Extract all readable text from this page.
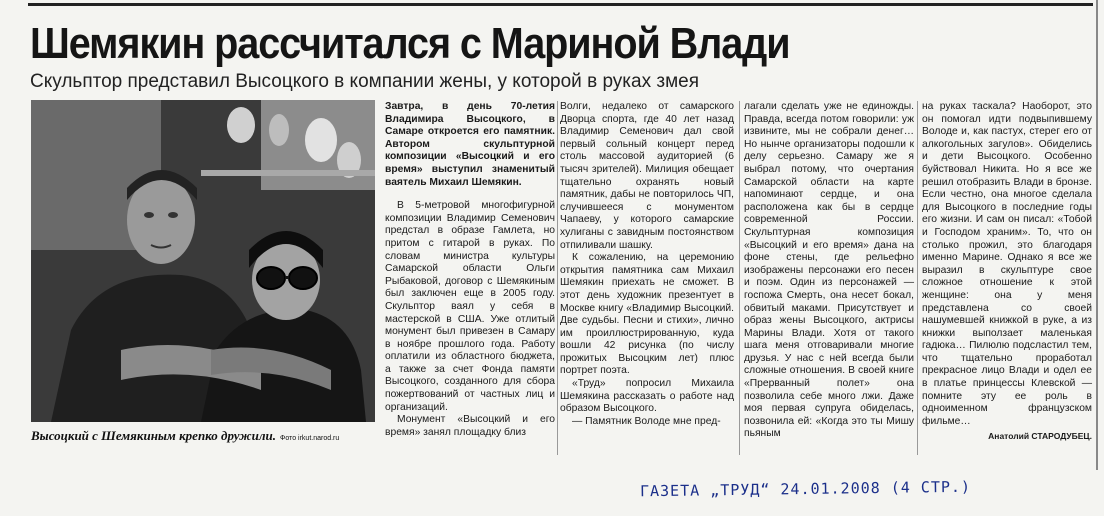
Шемякин рассчитался с Мариной Влади
Скульптор представил Высоцкого в компании жены, у которой в руках змея
Высоцкий с Шемякиным крепко дружили. Фото irkut.narod.ru

Завтра, в день 70-летия Владимира Высоцкого, в Самаре откроется его памятник. Автором скульптурной композиции «Высоцкий и его время» выступил знаменитый ваятель Михаил Шемякин.

В 5-метровой многофигурной композиции Владимир Семенович предстал в образе Гамлета, но притом с гитарой в руках. По словам министра культуры Самарской области Ольги Рыбаковой, договор с Шемякиным был заключен еще в 2005 году. Скульптор ваял у себя в мастерской в США. Уже отлитый монумент был привезен в Самару в ноябре прошлого года. Работу оплатили из областного бюджета, а также за счет Фонда памяти Высоцкого, созданного для сбора пожертвований от частных лиц и организаций.

Монумент «Высоцкий и его время» занял площадку близ

Волги, недалеко от самарского Дворца спорта, где 40 лет назад Владимир Семенович дал свой первый сольный концерт перед столь массовой аудиторией (6 тысяч зрителей). Милиция обещает тщательно охранять новый памятник, дабы не повторилось ЧП, случившееся с монументом Чапаеву, у которого самарские хулиганы с завидным постоянством отпиливали шашку.

К сожалению, на церемонию открытия памятника сам Михаил Шемякин приехать не сможет. В этот день художник презентует в Москве книгу «Владимир Высоцкий. Две судьбы. Песни и стихи», лично им проиллюстрированную, куда вошли 42 рисунка (по числу прожитых Высоцким лет) плюс портрет поэта.

«Труд» попросил Михаила Шемякина рассказать о работе над образом Высоцкого.

— Памятник Володе мне пред-

лагали сделать уже не единожды. Правда, всегда потом говорили: уж извините, мы не собрали денег… Но нынче организаторы подошли к делу серьезно. Самару же я выбрал потому, что очертания Самарской области на карте напоминают сердце, и она расположена как бы в сердце современной России. Скульптурная композиция «Высоцкий и его время» дана на фоне стены, где рельефно изображены персонажи его песен и поэм. Один из персонажей — госпожа Смерть, она несет бокал, обвитый маками. Присутствует и образ жены Высоцкого, актрисы Марины Влади. Хотя от такого шага меня отговаривали многие друзья. У нас с ней всегда были сложные отношения. В своей книге «Прерванный полет» она позволила себе много лжи. Даже моя первая супруга обиделась, позвонила ей: «Когда это ты Мишу пьяным

на руках таскала? Наоборот, это он помогал идти подвыпившему Володе и, как пастух, стерег его от алкогольных загулов». Обиделись и дети Высоцкого. Особенно буйствовал Никита. Но я все же решил отобразить Влади в бронзе. Если честно, она многое сделала для Высоцкого в последние годы его жизни. И сам он писал: «Тобой и Господом храним». То, что он столько прожил, это благодаря именно Марине. Однако я все же выразил в скульптуре свое сложное отношение к этой женщине: она у меня представлена со своей нашумевшей книжкой в руке, а из книжки выползает маленькая гадюка… Пилюлю подсластил тем, что тщательно проработал прекрасное лицо Влади и одел ее в платье принцессы Клевской — помните эту ее роль в одноименном французском фильме…

Анатолий СТАРОДУБЕЦ.
ГАЗЕТА „ТРУД“ 24.01.2008 (4 СТР.)
